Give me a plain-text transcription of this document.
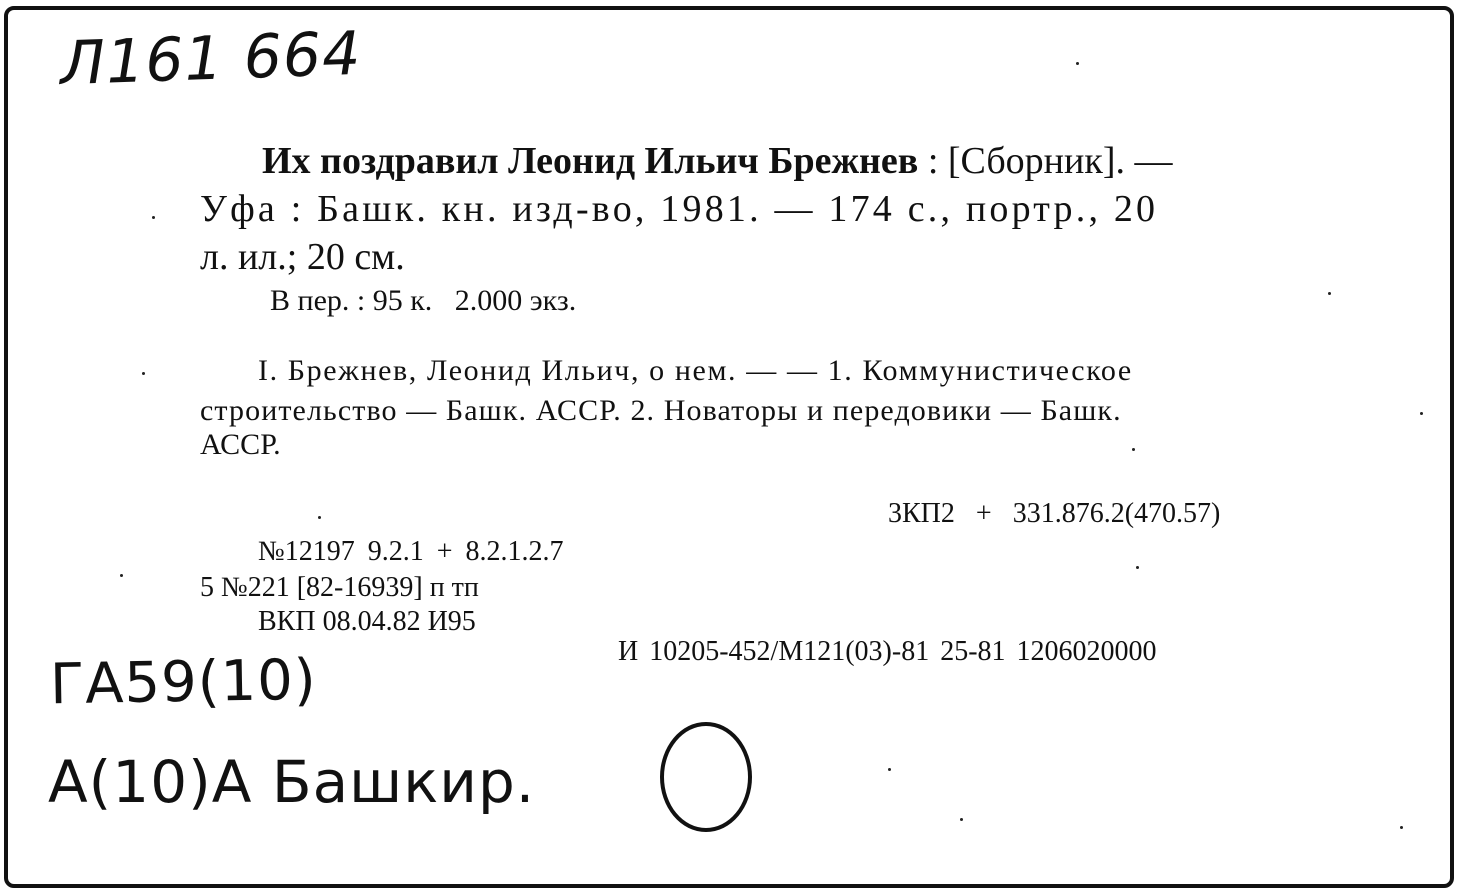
Л161 664
Их поздравил Леонид Ильич Брежнев : [Сборник]. —
Уфа : Башк. кн. изд-во, 1981. — 174 с., портр., 20
л. ил.; 20 см.
В пер. : 95 к.   2.000 экз.
I. Брежнев, Леонид Ильич, о нем. — — 1. Коммунистическое
строительство — Башк. АССР. 2. Новаторы и передовики — Башк.
АССР.
3КП2   +   331.876.2(470.57)
№12197 9.2.1 + 8.2.1.2.7
5 №221 [82-16939] п тп
ВКП 08.04.82 И95
И 10205-452/М121(03)-81 25-81 1206020000
ГА59(10)
А(10)А Башкир.
